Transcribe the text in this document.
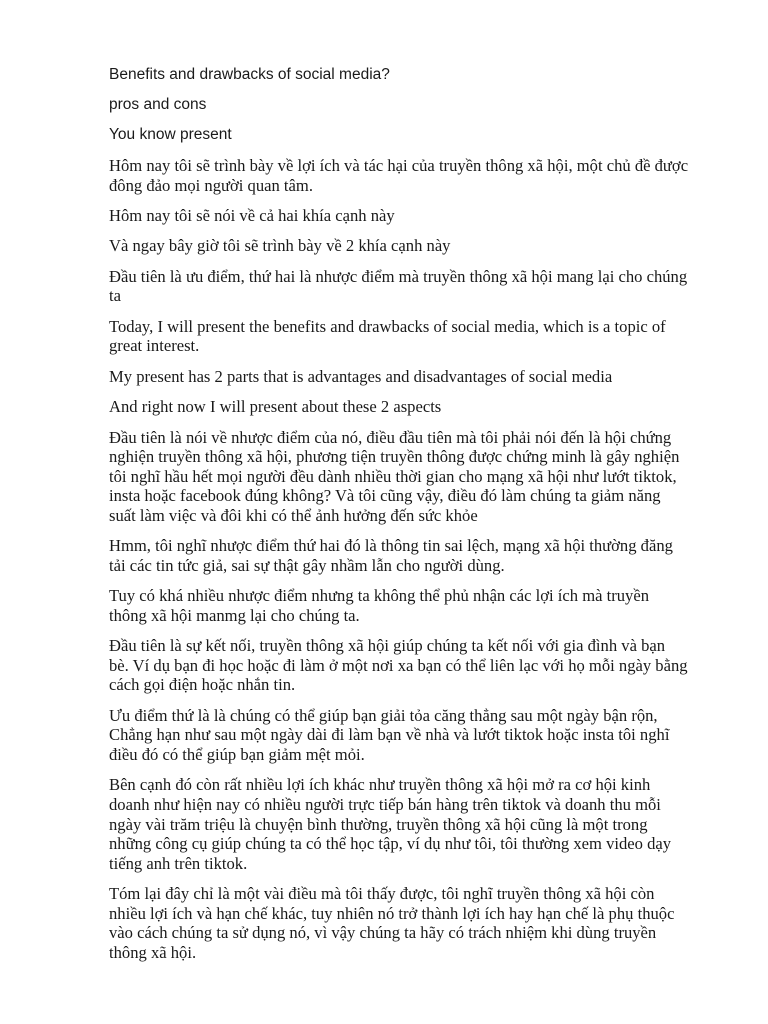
Benefits and drawbacks of social media?

pros and cons

You know present

Hôm nay tôi sẽ trình bày về lợi ích và tác hại của truyền thông xã hội, một chủ đề được
đông đảo mọi người quan tâm.

Hôm nay tôi sẽ nói về cả hai khía cạnh này

Và ngay bây giờ tôi sẽ trình bày về 2 khía cạnh này

Đầu tiên là ưu điểm, thứ hai là nhược điểm mà truyền thông xã hội mang lại cho chúng
ta

Today, I will present the benefits and drawbacks of social media, which is a topic of
great interest.

My present has 2 parts that is advantages and disadvantages of social media

And right now I will present about these 2 aspects

Đầu tiên là nói về nhược điểm của nó, điều đầu tiên mà tôi phải nói đến là hội chứng
nghiện truyền thông xã hội, phương tiện truyền thông được chứng minh là gây nghiện
tôi nghĩ hầu hết mọi người đều dành nhiều thời gian cho mạng xã hội như lướt tiktok,
insta hoặc facebook đúng không? Và tôi cũng vậy, điều đó làm chúng ta giảm năng
suất làm việc và đôi khi có thể ảnh hưởng đến sức khỏe

Hmm, tôi nghĩ nhược điểm thứ hai đó là thông tin sai lệch, mạng xã hội thường đăng
tải các tin tức giả, sai sự thật gây nhầm lẫn cho người dùng.

Tuy có khá nhiều nhược điểm nhưng ta không thể phủ nhận các lợi ích mà truyền
thông xã hội manmg lại cho chúng ta.

Đầu tiên là sự kết nối, truyền thông xã hội giúp chúng ta kết nối với gia đình và bạn
bè. Ví dụ bạn đi học hoặc đi làm ở một nơi xa bạn có thể liên lạc với họ mỗi ngày bằng
cách gọi điện hoặc nhắn tin.

Ưu điểm thứ là là chúng có thể giúp bạn giải tỏa căng thẳng sau một ngày bận rộn,
Chẳng hạn như sau một ngày dài đi làm bạn về nhà và lướt tiktok hoặc insta tôi nghĩ
điều đó có thể giúp bạn giảm mệt mỏi.

Bên cạnh đó còn rất nhiều lợi ích khác như truyền thông xã hội mở ra cơ hội kinh
doanh như hiện nay có nhiều người trực tiếp bán hàng trên tiktok và doanh thu mỗi
ngày vài trăm triệu là chuyện bình thường, truyền thông xã hội cũng là một trong
những công cụ giúp chúng ta có thể học tập, ví dụ như tôi, tôi thường xem video dạy
tiếng anh trên tiktok.

Tóm lại đây chỉ là một vài điều mà tôi thấy được, tôi nghĩ truyền thông xã hội còn
nhiều lợi ích và hạn chế khác, tuy nhiên nó trở thành lợi ích hay hạn chế là phụ thuộc
vào cách chúng ta sử dụng nó, vì vậy chúng ta hãy có trách nhiệm khi dùng truyền
thông xã hội.
